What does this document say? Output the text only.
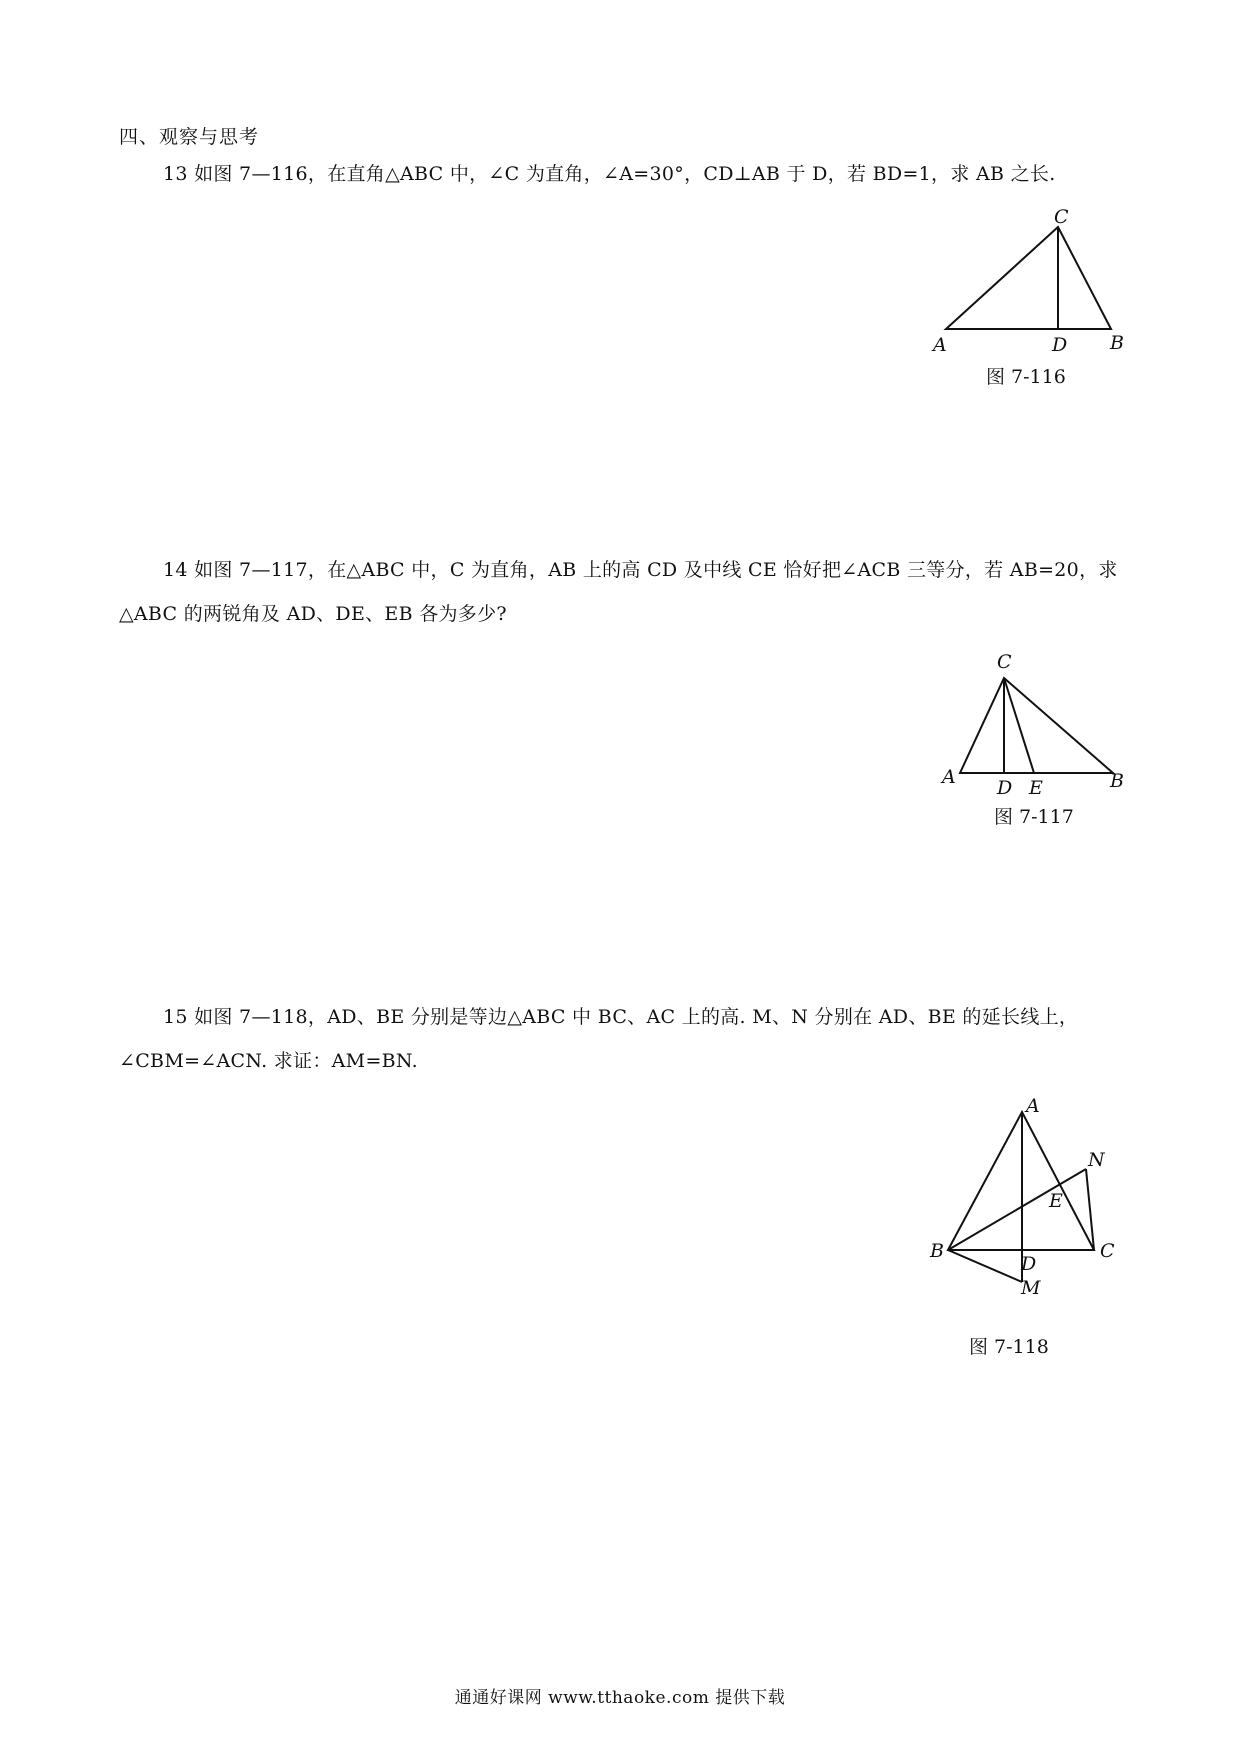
四、观察与思考
13 如图 7—116，在直角△ABC 中，∠C 为直角，∠A=30°，CD⊥AB 于 D，若 BD=1，求 AB 之长.
C
A	D B
图 7-116
14 如图 7—117，在△ABC 中，C 为直角，AB 上的高 CD 及中线 CE 恰好把∠ACB 三等分，若 AB=20，求△ABC 的两锐角及 AD、DE、EB 各为多少?
C
A D E	B
图 7-117
15 如图 7—118，AD、BE 分别是等边△ABC 中 BC、AC 上的高. M、N 分别在 AD、BE 的延长线上，∠CBM=∠ACN. 求证：AM=BN.
A
N
E
B	C
D
M
图 7-118
通通好课网 www.tthaoke.com 提供下载
